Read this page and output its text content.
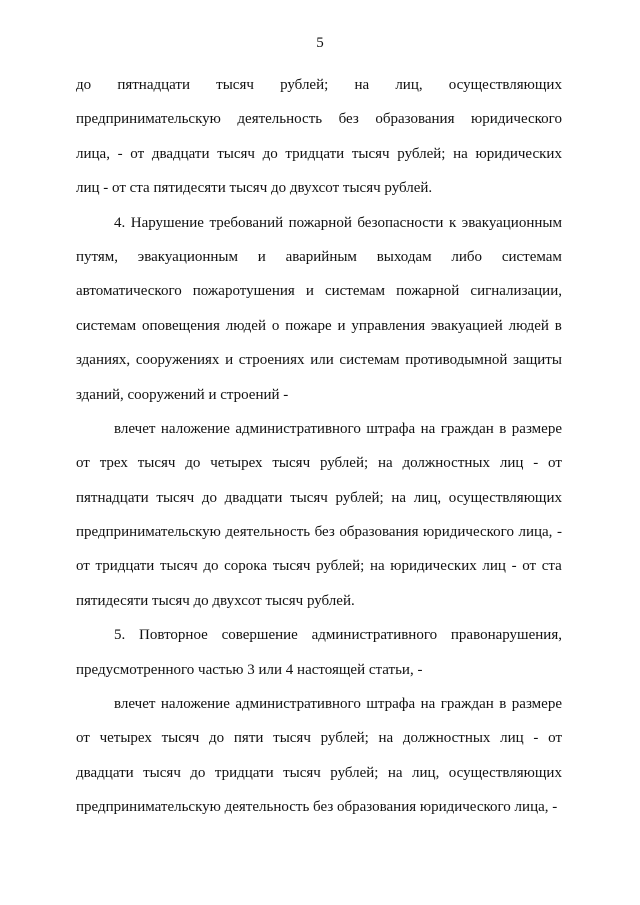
5
до пятнадцати тысяч рублей; на лиц, осуществляющих
предпринимательскую деятельность без образования юридического
лица, - от двадцати тысяч до тридцати тысяч рублей; на юридических
лиц - от ста пятидесяти тысяч до двухсот тысяч рублей.
4. Нарушение требований пожарной безопасности к эвакуационным
путям, эвакуационным и аварийным выходам либо системам
автоматического пожаротушения и системам пожарной сигнализации,
системам оповещения людей о пожаре и управления эвакуацией людей в
зданиях, сооружениях и строениях или системам противодымной защиты
зданий, сооружений и строений -
влечет наложение административного штрафа на граждан в размере
от трех тысяч до четырех тысяч рублей; на должностных лиц - от
пятнадцати тысяч до двадцати тысяч рублей; на лиц, осуществляющих
предпринимательскую деятельность без образования юридического лица, -
от тридцати тысяч до сорока тысяч рублей; на юридических лиц - от ста
пятидесяти тысяч до двухсот тысяч рублей.
5. Повторное совершение административного правонарушения,
предусмотренного частью 3 или 4 настоящей статьи, -
влечет наложение административного штрафа на граждан в размере
от четырех тысяч до пяти тысяч рублей; на должностных лиц - от
двадцати тысяч до тридцати тысяч рублей; на лиц, осуществляющих
предпринимательскую деятельность без образования юридического лица, -
